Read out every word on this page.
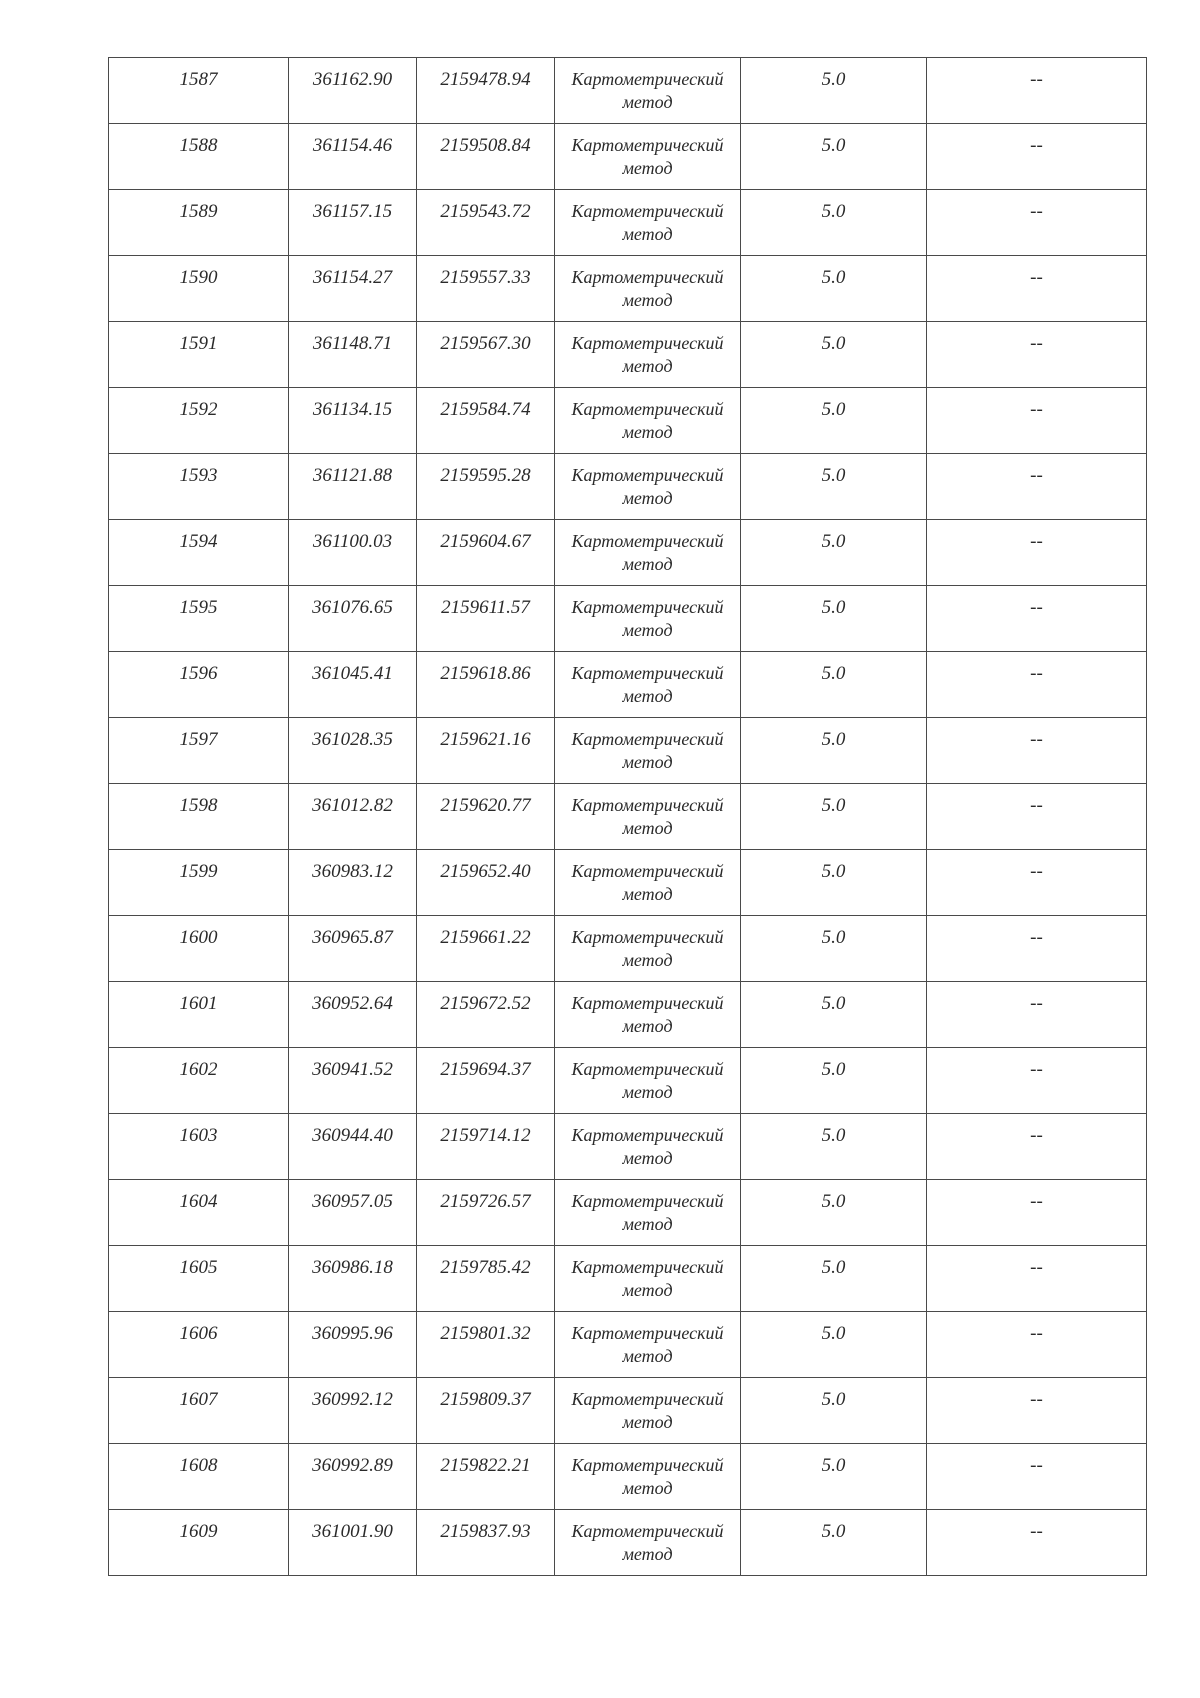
1587	361162.90	2159478.94	Картометрический
метод	5.0	--
1588	361154.46	2159508.84	Картометрический
метод	5.0	--
1589	361157.15	2159543.72	Картометрический
метод	5.0	--
1590	361154.27	2159557.33	Картометрический
метод	5.0	--
1591	361148.71	2159567.30	Картометрический
метод	5.0	--
1592	361134.15	2159584.74	Картометрический
метод	5.0	--
1593	361121.88	2159595.28	Картометрический
метод	5.0	--
1594	361100.03	2159604.67	Картометрический
метод	5.0	--
1595	361076.65	2159611.57	Картометрический
метод	5.0	--
1596	361045.41	2159618.86	Картометрический
метод	5.0	--
1597	361028.35	2159621.16	Картометрический
метод	5.0	--
1598	361012.82	2159620.77	Картометрический
метод	5.0	--
1599	360983.12	2159652.40	Картометрический
метод	5.0	--
1600	360965.87	2159661.22	Картометрический
метод	5.0	--
1601	360952.64	2159672.52	Картометрический
метод	5.0	--
1602	360941.52	2159694.37	Картометрический
метод	5.0	--
1603	360944.40	2159714.12	Картометрический
метод	5.0	--
1604	360957.05	2159726.57	Картометрический
метод	5.0	--
1605	360986.18	2159785.42	Картометрический
метод	5.0	--
1606	360995.96	2159801.32	Картометрический
метод	5.0	--
1607	360992.12	2159809.37	Картометрический
метод	5.0	--
1608	360992.89	2159822.21	Картометрический
метод	5.0	--
1609	361001.90	2159837.93	Картометрический
метод	5.0	--
